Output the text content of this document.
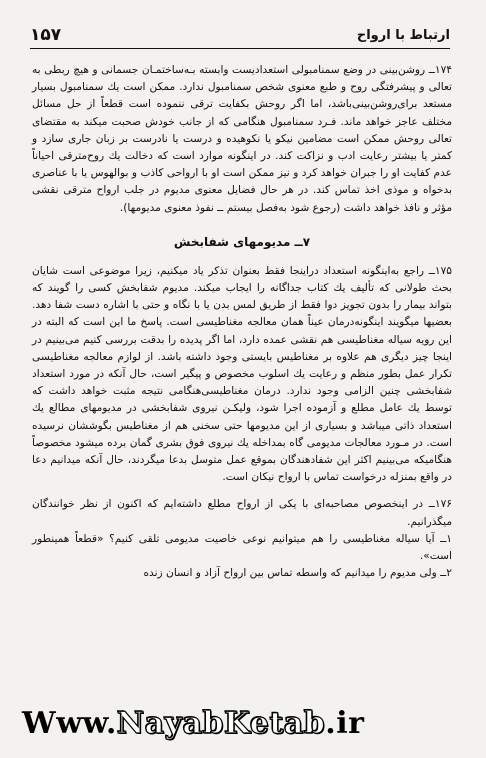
ارتباط با ارواح
۱۵۷

۱۷۴ــ روشن‌بینی در وضع سمنامبولی استعدادیست وابسته بـه‌ساختمـان جسمانی و هیچ ربطی به تعالی و پیشرفتگی روح و طبع معنوی شخص سمنامبول ندارد. ممکن است یك سمنامبول بسیار مستعد برای‌روشن‌بینی‌باشد، اما اگر روحش بکفایت ترقی ننموده است قطعاً از حل مسائل مختلف عاجز خواهد ماند. فـرد سمنامبول هنگامی که از جانب خودش صحبت میکند به مقتضای تعالی روحش ممکن است مضامین نیکو یا نکوهیده و درست یا نادرست بر زبان جاری سازد و کمتر یا بیشتر رعایت ادب و نزاکت کند. در اینگونه موارد است که دخالت یك روح‌مترقی احیاناً عدم کفایت او را جبران خواهد کرد و نیز ممکن است او با ارواحی کاذب و بوالهوس یا با عناصری بدخواه و موذی اخذ تماس کند. در هر حال فضایل معنوی مدیوم در جلب ارواح مترقی نقشی مؤثر و نافذ خواهد داشت (رجوع شود به‌فصل بیستم ــ نفوذ معنوی مدیومها).

۷ــ مدیومهای شفابخش

۱۷۵ــ راجع به‌اینگونه استعداد دراینجا فقط بعنوان تذکر یاد میکنیم، زیرا موضوعی است شایان بحث طولانی که تألیف یك کتاب جداگانه را ایجاب میکند. مدیوم شفابخش کسی را گویند که بتواند بیمار را بدون تجویز دوا فقط از طریق لمس بدن یا با نگاه و حتی با اشاره دست شفا دهد. بعضیها میگویند اینگونه‌درمان عیناً همان معالجه مغناطیسی است. پاسخ ما این است که البته در این رویه سیاله مغناطیسی هم نقشی عمده دارد، اما اگر پدیده را بدقت بررسی کنیم می‌بینیم در اینجا چیز دیگری هم علاوه بر مغناطیس بایستی وجود داشته باشد. از لوازم معالجه مغناطیسی تکرار عمل بطور منظم و رعایت یك اسلوب مخصوص و پیگیر است، حال آنکه در مورد استعداد شفابخشی چنین الزامی وجود ندارد. درمان مغناطیسی‌هنگامی نتیجه مثبت خواهد داشت که توسط یك عامل مطلع و آزموده اجرا شود، ولیکـن نیروی شفابخشی در مدیومهای مطالع یك استعداد ذاتی میباشد و بسیاری از این مدیومها حتی سخنی هم از مغناطیس بگوششان نرسیده است. در مـورد معالجات مدیومی گاه بمداخله یك نیروی فوق بشری گمان برده میشود مخصوصاً هنگامیکه می‌بینیم اکثر این شفادهندگان بموقع عمل متوسل بدعا میگردند، حال آنکه میدانیم دعا در واقع بمنزله درخواست تماس با ارواح نیکان است.

۱۷۶ــ در اینخصوص مصاحبه‌ای با یکی از ارواح مطلع داشته‌ایم که اکنون از نظر خوانندگان میگذرانیم.

۱ــ آیا سیاله مغناطیسی را هم میتوانیم نوعی خاصیت مدیومی تلقی کنیم؟ «قطعاً همینطور است».
۲ــ ولی مدیوم را میدانیم که واسطه تماس بین ارواح آزاد و انسان زنده
Www.NayabKetab.ir
